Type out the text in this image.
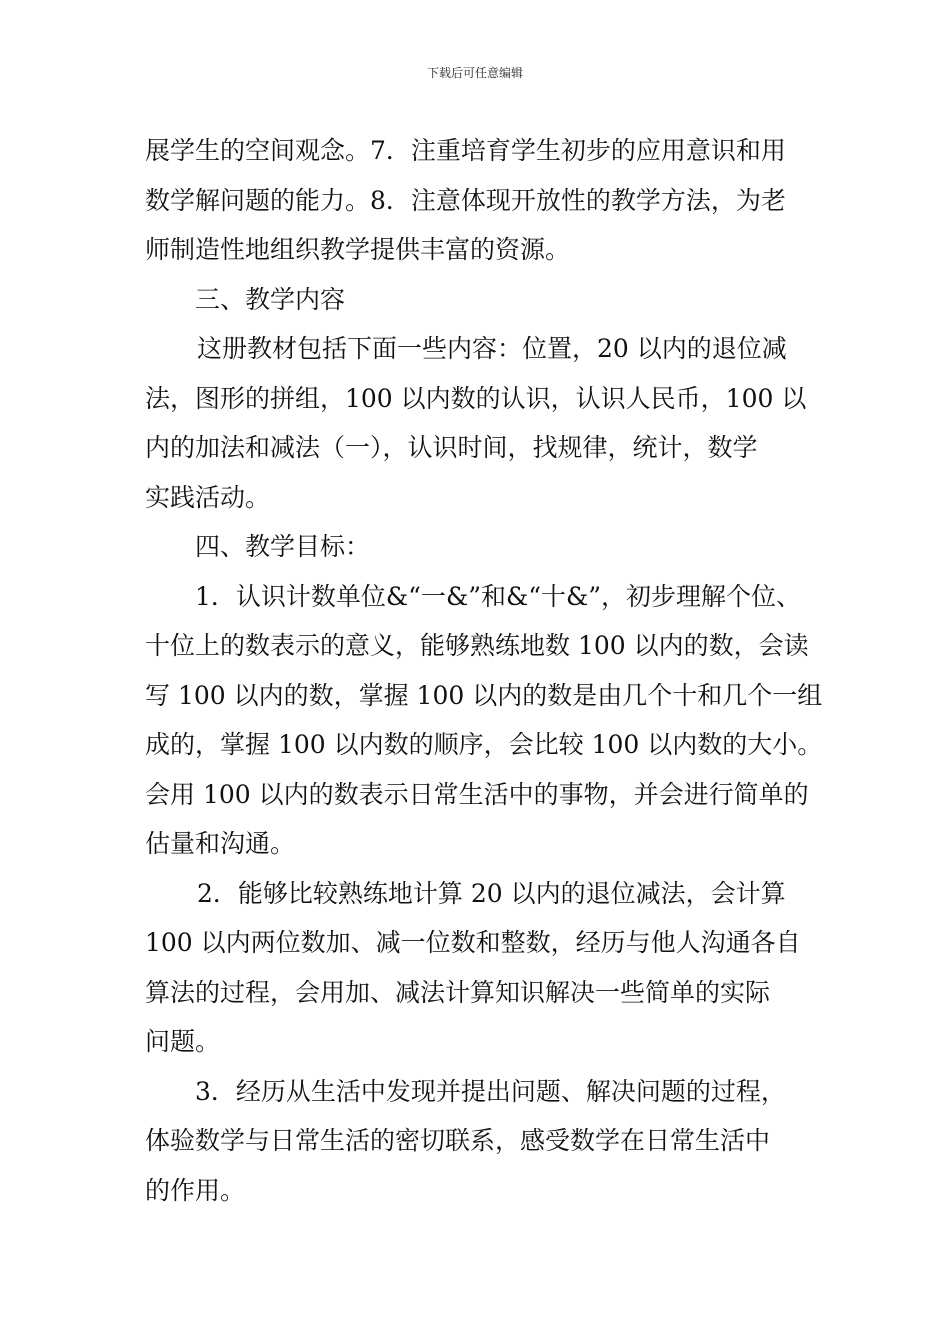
下载后可任意编辑

展学生的空间观念。7．注重培育学生初步的应用意识和用

数学解问题的能力。8．注意体现开放性的教学方法，为老

师制造性地组织教学提供丰富的资源。

三、教学内容

这册教材包括下面一些内容：位置，20 以内的退位减

法，图形的拼组，100 以内数的认识，认识人民币，100 以

内的加法和减法（一），认识时间，找规律，统计，数学

实践活动。

四、教学目标：

1．认识计数单位&“一&”和&“十&”，初步理解个位、

十位上的数表示的意义，能够熟练地数 100 以内的数，会读

写 100 以内的数，掌握 100 以内的数是由几个十和几个一组

成的，掌握 100 以内数的顺序，会比较 100 以内数的大小。

会用 100 以内的数表示日常生活中的事物，并会进行简单的

估量和沟通。

2．能够比较熟练地计算 20 以内的退位减法，会计算

100 以内两位数加、减一位数和整数，经历与他人沟通各自

算法的过程，会用加、减法计算知识解决一些简单的实际

问题。

3．经历从生活中发现并提出问题、解决问题的过程，

体验数学与日常生活的密切联系，感受数学在日常生活中

的作用。
